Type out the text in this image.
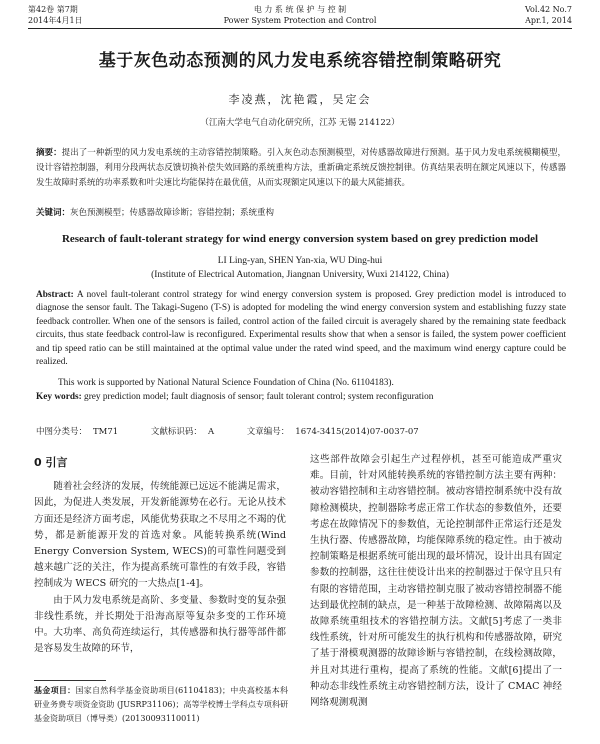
第42卷 第7期
2014年4月1日
电 力 系 统 保 护 与 控 制
Power System Protection and Control
Vol.42 No.7
Apr.1, 2014
基于灰色动态预测的风力发电系统容错控制策略研究
李凌燕，沈艳霞，吴定会
（江南大学电气自动化研究所，江苏 无锡 214122）
摘要：提出了一种新型的风力发电系统的主动容错控制策略。引入灰色动态预测模型，对传感器故障进行预测。基于风力发电系统模糊模型，设计容错控制器，利用分段两状态反馈切换补偿失效回路的系统重构方法，重新确定系统反馈控制律。仿真结果表明在额定风速以下，传感器发生故障时系统的功率系数和叶尖速比均能保持在最优值，从而实现额定风速以下的最大风能捕获。
关键词：灰色预测模型；传感器故障诊断；容错控制；系统重构
Research of fault-tolerant strategy for wind energy conversion system based on grey prediction model
LI Ling-yan, SHEN Yan-xia, WU Ding-hui
(Institute of Electrical Automation, Jiangnan University, Wuxi 214122, China)
Abstract: A novel fault-tolerant control strategy for wind energy conversion system is proposed. Grey prediction model is introduced to diagnose the sensor fault. The Takagi-Sugeno (T-S) is adopted for modeling the wind energy conversion system and establishing fuzzy state feedback controller. When one of the sensors is failed, control action of the failed circuit is averagely shared by the remaining state feedback circuits, thus state feedback control-law is reconfigured. Experimental results show that when a sensor is failed, the system power coefficient and tip speed ratio can be still maintained at the optimal value under the rated wind speed, and the maximum wind energy capture could be realized.
This work is supported by National Natural Science Foundation of China (No. 61104183).
Key words: grey prediction model; fault diagnosis of sensor; fault tolerant control; system reconfiguration
中图分类号： TM71	文献标识码： A	文章编号： 1674-3415(2014)07-0037-07
0 引言

随着社会经济的发展，传统能源已远远不能满足需求，因此，为促进人类发展，开发新能源势在必行。无论从技术方面还是经济方面考虑，风能优势获取之不尽用之不竭的优势，都是新能源开发的首选对象。风能转换系统(Wind Energy Conversion System, WECS)的可靠性问题受到越来越广泛的关注，作为提高系统可靠性的有效手段，容错控制成为 WECS 研究的一大热点[1-4]。

由于风力发电系统是高阶、多变量、参数时变的复杂强非线性系统，并长期处于沿海高原等复杂多变的工作环境中。大功率、高负荷连续运行，其传感器和执行器等部件都是容易发生故障的环节，

这些部件故障会引起生产过程停机，甚至可能造成严重灾难。目前，针对风能转换系统的容错控制方法主要有两种：被动容错控制和主动容错控制。被动容错控制系统中没有故障检测模块，控制器除考虑正常工作状态的参数值外，还要考虑在故障情况下的参数值，无论控制部件正常运行还是发生执行器、传感器故障，均能保障系统的稳定性。由于被动控制策略是根据系统可能出现的最坏情况，设计出具有固定参数的控制器，这往往使设计出来的控制器过于保守且只有有限的容错范围，主动容错控制克服了被动容错控制器不能达到最优控制的缺点，是一种基于故障检测、故障隔离以及故障系统重组技术的容错控制方法。文献[5]考虑了一类非线性系统，针对所可能发生的执行机构和传感器故障，研究了基于滑模观测器的故障诊断与容错控制，在线检测故障，并且对其进行重构，提高了系统的性能。文献[6]提出了一种动态非线性系统主动容错控制方法，设计了 CMAC 神经网络观测观测

基金项目：国家自然科学基金资助项目(61104183)；中央高校基本科研业务费专项资金资助 (JUSRP31106)；高等学校博士学科点专项科研基金资助项目（博导类）(20130093110011)
